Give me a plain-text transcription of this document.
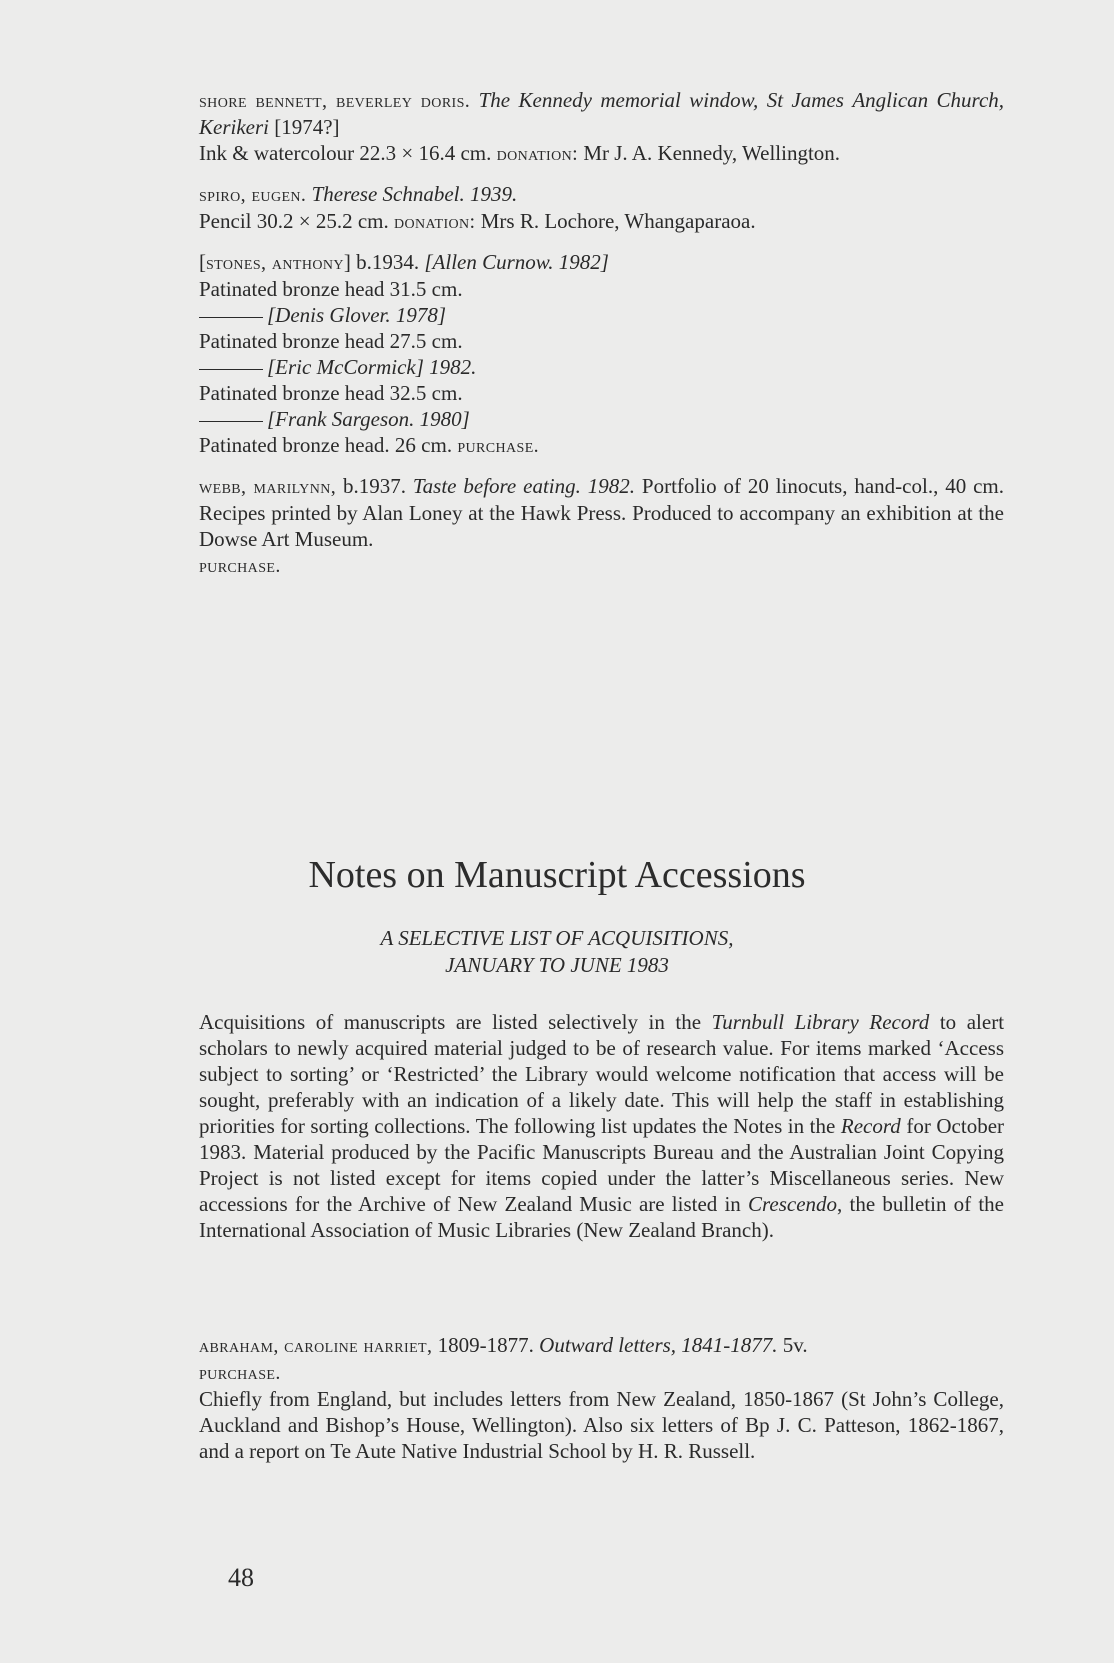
shore bennett, beverley doris. The Kennedy memorial window, St James Anglican Church, Kerikeri [1974?]
Ink & watercolour 22.3 × 16.4 cm. donation: Mr J. A. Kennedy, Wellington.
spiro, eugen. Therese Schnabel. 1939.
Pencil 30.2 × 25.2 cm. donation: Mrs R. Lochore, Whangaparaoa.
[stones, anthony] b.1934. [Allen Curnow. 1982]
Patinated bronze head 31.5 cm.
[Denis Glover. 1978]
Patinated bronze head 27.5 cm.
[Eric McCormick] 1982.
Patinated bronze head 32.5 cm.
[Frank Sargeson. 1980]
Patinated bronze head. 26 cm. purchase.
webb, marilynn, b.1937. Taste before eating. 1982. Portfolio of 20 linocuts, hand-col., 40 cm. Recipes printed by Alan Loney at the Hawk Press. Produced to accompany an exhibition at the Dowse Art Museum.
purchase.
Notes on Manuscript Accessions
A SELECTIVE LIST OF ACQUISITIONS,
JANUARY TO JUNE 1983
Acquisitions of manuscripts are listed selectively in the Turnbull Library Record to alert scholars to newly acquired material judged to be of research value. For items marked ‘Access subject to sorting’ or ‘Restricted’ the Library would welcome notification that access will be sought, preferably with an indication of a likely date. This will help the staff in establishing priorities for sorting collections. The following list updates the Notes in the Record for October 1983. Material produced by the Pacific Manuscripts Bureau and the Australian Joint Copying Project is not listed except for items copied under the latter’s Miscellaneous series. New accessions for the Archive of New Zealand Music are listed in Crescendo, the bulletin of the International Association of Music Libraries (New Zealand Branch).
abraham, caroline harriet, 1809-1877. Outward letters, 1841-1877. 5v.
purchase.
Chiefly from England, but includes letters from New Zealand, 1850-1867 (St John’s College, Auckland and Bishop’s House, Wellington). Also six letters of Bp J. C. Patteson, 1862-1867, and a report on Te Aute Native Industrial School by H. R. Russell.
48
